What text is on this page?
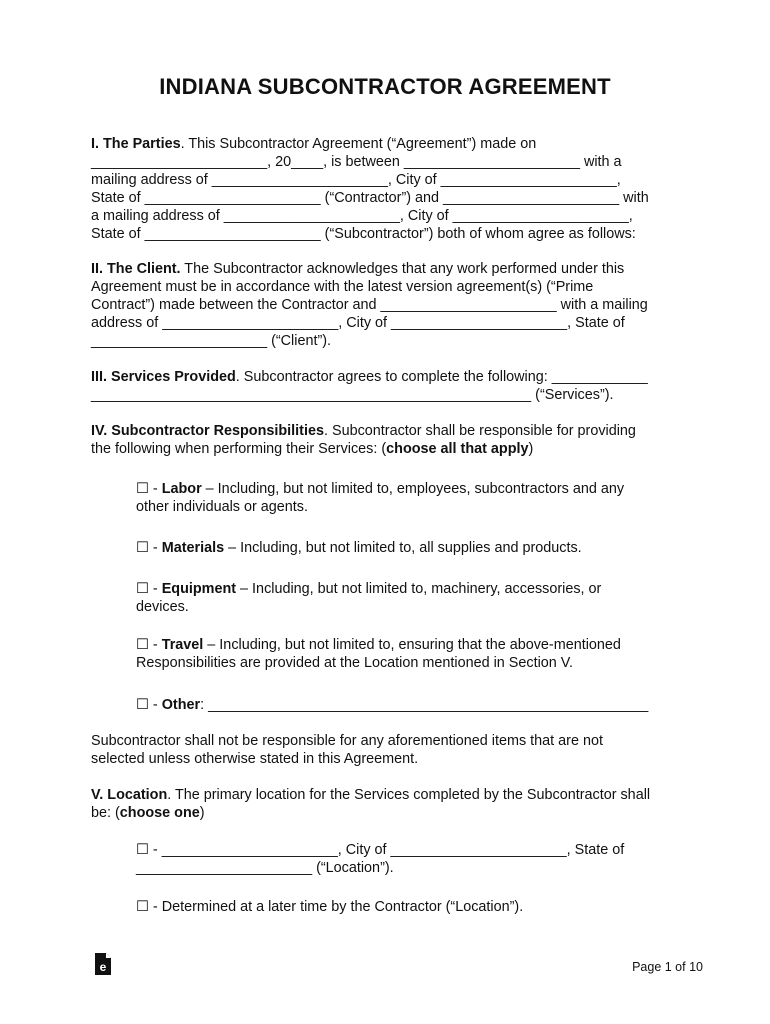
INDIANA SUBCONTRACTOR AGREEMENT
I. The Parties. This Subcontractor Agreement (“Agreement”) made on
______________________, 20____, is between ______________________ with a
mailing address of ______________________, City of ______________________,
State of ______________________ (“Contractor”) and ______________________ with
a mailing address of ______________________, City of ______________________,
State of ______________________ (“Subcontractor”) both of whom agree as follows:
II. The Client. The Subcontractor acknowledges that any work performed under this
Agreement must be in accordance with the latest version agreement(s) (“Prime
Contract”) made between the Contractor and ______________________ with a mailing
address of ______________________, City of ______________________, State of
______________________ (“Client”).
III. Services Provided. Subcontractor agrees to complete the following: ____________
_______________________________________________________ (“Services”).
IV. Subcontractor Responsibilities. Subcontractor shall be responsible for providing
the following when performing their Services: (choose all that apply)
☐ - Labor – Including, but not limited to, employees, subcontractors and any
other individuals or agents.
☐ - Materials – Including, but not limited to, all supplies and products.
☐ - Equipment – Including, but not limited to, machinery, accessories, or
devices.
☐ - Travel – Including, but not limited to, ensuring that the above-mentioned
Responsibilities are provided at the Location mentioned in Section V.
☐ - Other: _______________________________________________________
Subcontractor shall not be responsible for any aforementioned items that are not
selected unless otherwise stated in this Agreement.
V. Location. The primary location for the Services completed by the Subcontractor shall
be: (choose one)
☐ - ______________________, City of ______________________, State of
______________________ (“Location”).
☐ - Determined at a later time by the Contractor (“Location”).
e	Page 1 of 10
